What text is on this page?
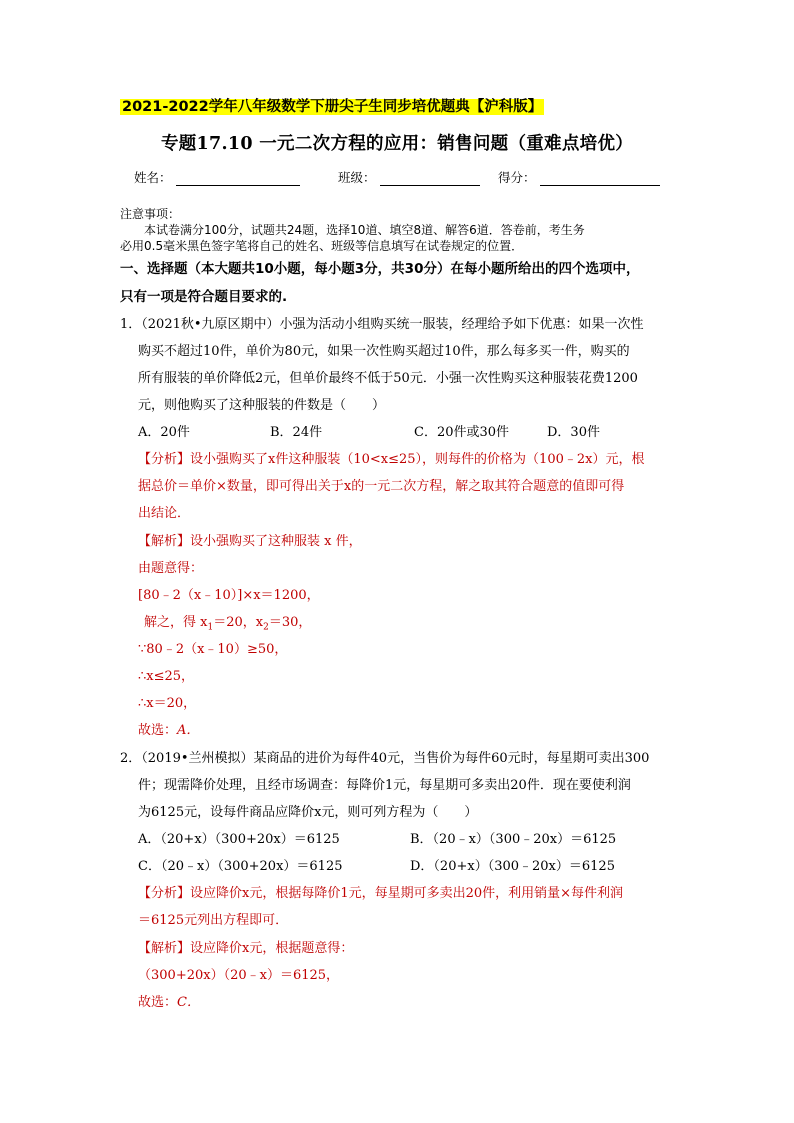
2021-2022学年八年级数学下册尖子生同步培优题典【沪科版】
专题17.10 一元二次方程的应用：销售问题（重难点培优）
姓名：	班级：	得分：
注意事项：
本试卷满分100分，试题共24题，选择10道、填空8道、解答6道．答卷前，考生务
必用0.5毫米黑色签字笔将自己的姓名、班级等信息填写在试卷规定的位置．
一、选择题（本大题共10小题，每小题3分，共30分）在每小题所给出的四个选项中，
只有一项是符合题目要求的.
1．（2021秋•九原区期中）小强为活动小组购买统一服装，经理给予如下优惠：如果一次性
购买不超过10件，单价为80元，如果一次性购买超过10件，那么每多买一件，购买的
所有服装的单价降低2元，但单价最终不低于50元．小强一次性购买这种服装花费1200
元，则他购买了这种服装的件数是（　　）
A．20件	B．24件	C．20件或30件	D．30件
【分析】设小强购买了x件这种服装（10<x≤25），则每件的价格为（100﹣2x）元，根
据总价＝单价×数量，即可得出关于x的一元二次方程，解之取其符合题意的值即可得
出结论．
【解析】设小强购买了这种服装 x 件，
由题意得：
[80﹣2（x﹣10）]×x＝1200，
解之，得 $x_1=20$，$x_2=30$，
∵80﹣2（x﹣10）≥50，
∴x≤25，
∴x＝20，
故选：A．
2．（2019•兰州模拟）某商品的进价为每件40元，当售价为每件60元时，每星期可卖出300
件；现需降价处理，且经市场调查：每降价1元，每星期可多卖出20件．现在要使利润
为6125元，设每件商品应降价x元，则可列方程为（　　）
A．（20+x）（300+20x）＝6125	B．（20﹣x）（300﹣20x）＝6125
C．（20﹣x）（300+20x）＝6125	D．（20+x）（300﹣20x）＝6125
【分析】设应降价x元，根据每降价1元，每星期可多卖出20件，利用销量×每件利润
＝6125元列出方程即可．
【解析】设应降价x元，根据题意得：
（300+20x）（20﹣x）＝6125，
故选：C．
